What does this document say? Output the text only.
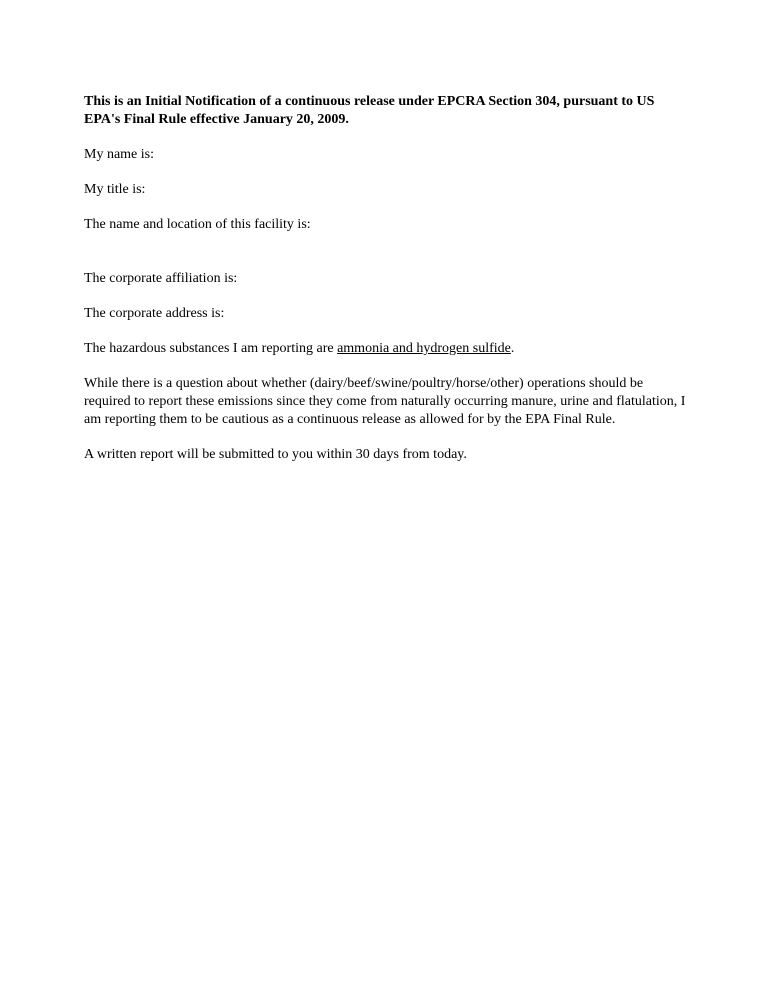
This is an Initial Notification of a continuous release under EPCRA Section 304, pursuant to US EPA's Final Rule effective January 20, 2009.

My name is:

My title is:

The name and location of this facility is:

The corporate affiliation is:

The corporate address is:

The hazardous substances I am reporting are ammonia and hydrogen sulfide.

While there is a question about whether (dairy/beef/swine/poultry/horse/other) operations should be required to report these emissions since they come from naturally occurring manure, urine and flatulation, I am reporting them to be cautious as a continuous release as allowed for by the EPA Final Rule.

A written report will be submitted to you within 30 days from today.
